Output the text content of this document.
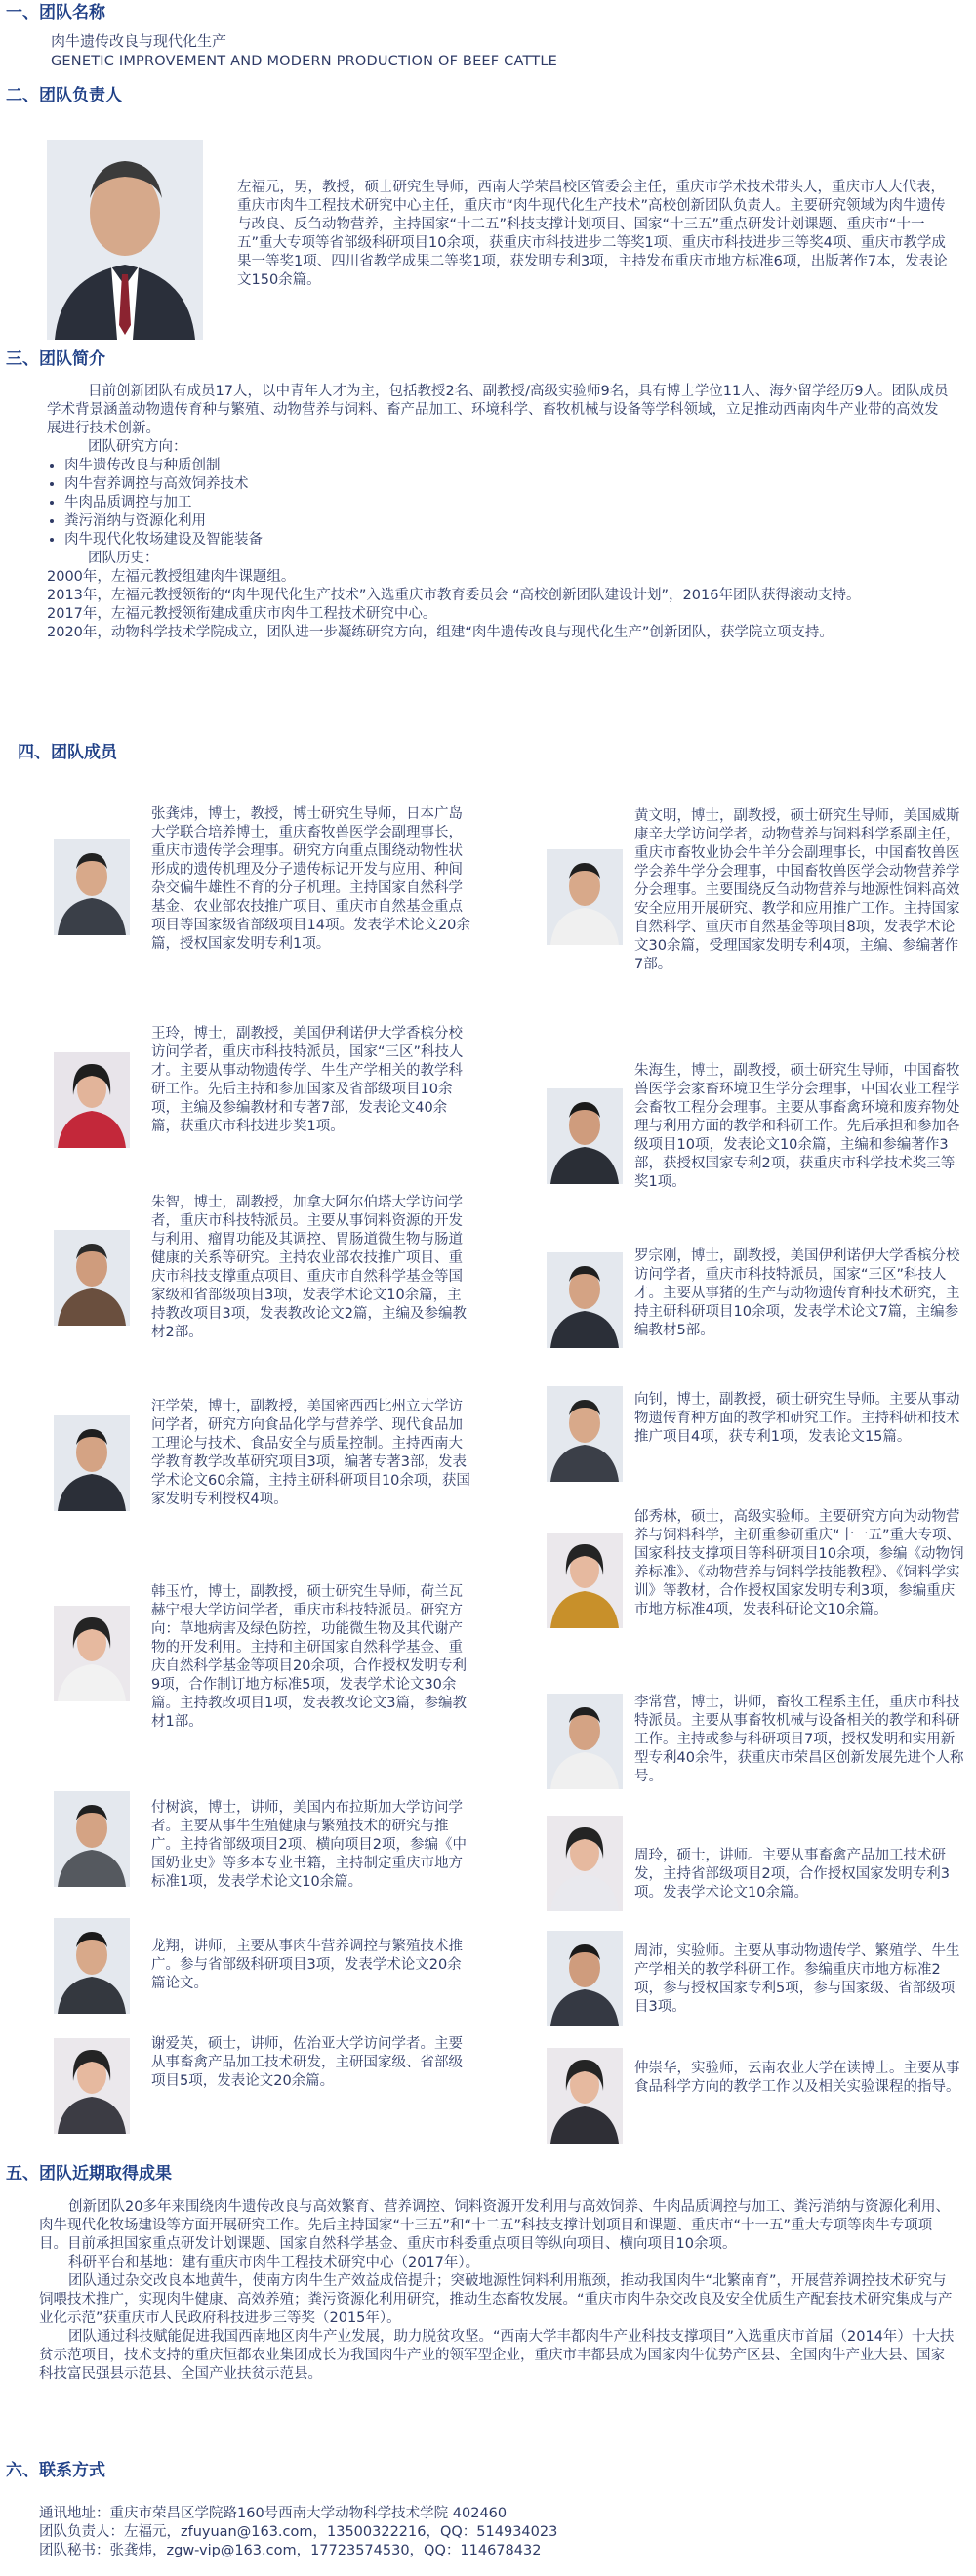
一、团队名称
肉牛遗传改良与现代化生产
GENETIC IMPROVEMENT AND MODERN PRODUCTION OF BEEF CATTLE
二、团队负责人
左福元，男，教授，硕士研究生导师，西南大学荣昌校区管委会主任，重庆市学术技术带头人，重庆市人大代表，重庆市肉牛工程技术研究中心主任，重庆市“肉牛现代化生产技术”高校创新团队负责人。主要研究领域为肉牛遗传与改良、反刍动物营养，主持国家“十二五”科技支撑计划项目、国家“十三五”重点研发计划课题、重庆市“十一五”重大专项等省部级科研项目10余项，获重庆市科技进步二等奖1项、重庆市科技进步三等奖4项、重庆市教学成果一等奖1项、四川省教学成果二等奖1项，获发明专利3项，主持发布重庆市地方标准6项，出版著作7本，发表论文150余篇。
三、团队简介

目前创新团队有成员17人，以中青年人才为主，包括教授2名、副教授/高级实验师9名，具有博士学位11人、海外留学经历9人。团队成员学术背景涵盖动物遗传育种与繁殖、动物营养与饲料、畜产品加工、环境科学、畜牧机械与设备等学科领域，立足推动西南肉牛产业带的高效发展进行技术创新。

团队研究方向：
• 肉牛遗传改良与种质创制
• 肉牛营养调控与高效饲养技术
• 牛肉品质调控与加工
• 粪污消纳与资源化利用
• 肉牛现代化牧场建设及智能装备
团队历史：

2000年，左福元教授组建肉牛课题组。

2013年，左福元教授领衔的“肉牛现代化生产技术”入选重庆市教育委员会 “高校创新团队建设计划”，2016年团队获得滚动支持。

2017年，左福元教授领衔建成重庆市肉牛工程技术研究中心。

2020年，动物科学技术学院成立，团队进一步凝练研究方向，组建“肉牛遗传改良与现代化生产”创新团队，获学院立项支持。

四、团队成员
张龚炜，博士，教授，博士研究生导师，日本广岛大学联合培养博士，重庆畜牧兽医学会副理事长，重庆市遗传学会理事。研究方向重点围绕动物性状形成的遗传机理及分子遗传标记开发与应用、种间杂交偏牛雄性不育的分子机理。主持国家自然科学基金、农业部农技推广项目、重庆市自然基金重点项目等国家级省部级项目14项。发表学术论文20余篇，授权国家发明专利1项。
王玲，博士，副教授，美国伊利诺伊大学香槟分校访问学者，重庆市科技特派员，国家“三区”科技人才。主要从事动物遗传学、牛生产学相关的教学科研工作。先后主持和参加国家及省部级项目10余项，主编及参编教材和专著7部，发表论文40余篇，获重庆市科技进步奖1项。
朱智，博士，副教授，加拿大阿尔伯塔大学访问学者，重庆市科技特派员。主要从事饲料资源的开发与利用、瘤胃功能及其调控、胃肠道微生物与肠道健康的关系等研究。主持农业部农技推广项目、重庆市科技支撑重点项目、重庆市自然科学基金等国家级和省部级项目3项，发表学术论文10余篇，主持教改项目3项，发表教改论文2篇，主编及参编教材2部。
汪学荣，博士，副教授，美国密西西比州立大学访问学者，研究方向食品化学与营养学、现代食品加工理论与技术、食品安全与质量控制。主持西南大学教育教学改革研究项目3项，编著专著3部，发表学术论文60余篇，主持主研科研项目10余项，获国家发明专利授权4项。
韩玉竹，博士，副教授，硕士研究生导师，荷兰瓦赫宁根大学访问学者，重庆市科技特派员。研究方向：草地病害及绿色防控，功能微生物及其代谢产物的开发利用。主持和主研国家自然科学基金、重庆自然科学基金等项目20余项，合作授权发明专利9项，合作制订地方标准5项，发表学术论文30余篇。主持教改项目1项，发表教改论文3篇，参编教材1部。
付树滨，博士，讲师，美国内布拉斯加大学访问学者。主要从事牛生殖健康与繁殖技术的研究与推广。主持省部级项目2项、横向项目2项，参编《中国奶业史》等多本专业书籍，主持制定重庆市地方标准1项，发表学术论文10余篇。
龙翔，讲师，主要从事肉牛营养调控与繁殖技术推广。参与省部级科研项目3项，发表学术论文20余篇论文。
谢爱英，硕士，讲师，佐治亚大学访问学者。主要从事畜禽产品加工技术研发，主研国家级、省部级项目5项，发表论文20余篇。
黄文明，博士，副教授，硕士研究生导师，美国威斯康辛大学访问学者，动物营养与饲料科学系副主任，重庆市畜牧业协会牛羊分会副理事长，中国畜牧兽医学会养牛学分会理事，中国畜牧兽医学会动物营养学分会理事。主要围绕反刍动物营养与地源性饲料高效安全应用开展研究、教学和应用推广工作。主持国家自然科学、重庆市自然基金等项目8项，发表学术论文30余篇，受理国家发明专利4项，主编、参编著作7部。
朱海生，博士，副教授，硕士研究生导师，中国畜牧兽医学会家畜环境卫生学分会理事，中国农业工程学会畜牧工程分会理事。主要从事畜禽环境和废弃物处理与利用方面的教学和科研工作。先后承担和参加各级项目10项，发表论文10余篇，主编和参编著作3部，获授权国家专利2项，获重庆市科学技术奖三等奖1项。
罗宗刚，博士，副教授，美国伊利诺伊大学香槟分校访问学者，重庆市科技特派员，国家“三区”科技人才。主要从事猪的生产与动物遗传育种技术研究，主持主研科研项目10余项，发表学术论文7篇，主编参编教材5部。
向钊，博士，副教授，硕士研究生导师。主要从事动物遗传育种方面的教学和研究工作。主持科研和技术推广项目4项，获专利1项，发表论文15篇。
邰秀林，硕士，高级实验师。主要研究方向为动物营养与饲料科学，主研重参研重庆“十一五”重大专项、国家科技支撑项目等科研项目10余项，参编《动物饲养标准》、《动物营养与饲料学技能教程》、《饲料学实训》等教材，合作授权国家发明专利3项，参编重庆市地方标准4项，发表科研论文10余篇。
李常营，博士，讲师，畜牧工程系主任，重庆市科技特派员。主要从事畜牧机械与设备相关的教学和科研工作。主持或参与科研项目7项，授权发明和实用新型专利40余件，获重庆市荣昌区创新发展先进个人称号。
周玲，硕士，讲师。主要从事畜禽产品加工技术研发，主持省部级项目2项，合作授权国家发明专利3项。发表学术论文10余篇。
周沛，实验师。主要从事动物遗传学、繁殖学、牛生产学相关的教学科研工作。参编重庆市地方标准2项，参与授权国家专利5项，参与国家级、省部级项目3项。
仲崇华，实验师，云南农业大学在读博士。主要从事食品科学方向的教学工作以及相关实验课程的指导。
五、团队近期取得成果

创新团队20多年来围绕肉牛遗传改良与高效繁育、营养调控、饲料资源开发利用与高效饲养、牛肉品质调控与加工、粪污消纳与资源化利用、肉牛现代化牧场建设等方面开展研究工作。先后主持国家“十三五”和“十二五”科技支撑计划项目和课题、重庆市“十一五”重大专项等肉牛专项项目。目前承担国家重点研发计划课题、国家自然科学基金、重庆市科委重点项目等纵向项目、横向项目10余项。

科研平台和基地：建有重庆市肉牛工程技术研究中心（2017年）。

团队通过杂交改良本地黄牛，使南方肉牛生产效益成倍提升；突破地源性饲料利用瓶颈，推动我国肉牛“北繁南育”，开展营养调控技术研究与饲喂技术推广，实现肉牛健康、高效养殖；粪污资源化利用研究，推动生态畜牧发展。“重庆市肉牛杂交改良及安全优质生产配套技术研究集成与产业化示范”获重庆市人民政府科技进步三等奖（2015年）。

团队通过科技赋能促进我国西南地区肉牛产业发展，助力脱贫攻坚。“西南大学丰都肉牛产业科技支撑项目”入选重庆市首届（2014年）十大扶贫示范项目，技术支持的重庆恒都农业集团成长为我国肉牛产业的领军型企业，重庆市丰都县成为国家肉牛优势产区县、全国肉牛产业大县、国家科技富民强县示范县、全国产业扶贫示范县。

六、联系方式
通讯地址：重庆市荣昌区学院路160号西南大学动物科学技术学院 402460
团队负责人：左福元，zfuyuan@163.com，13500322216，QQ：514934023
团队秘书：张龚炜，zgw-vip@163.com，17723574530，QQ：114678432
